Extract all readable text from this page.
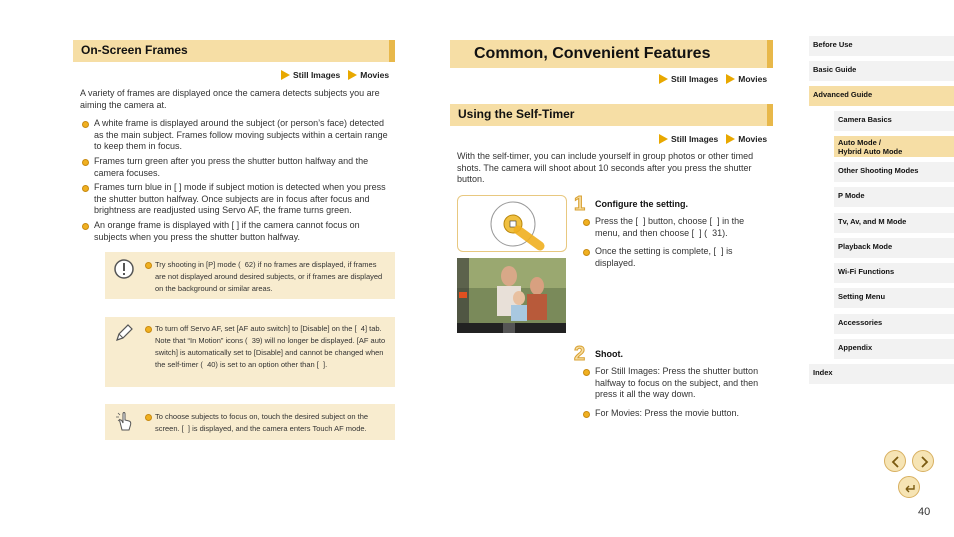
On-Screen Frames
Still Images Movies
A variety of frames are displayed once the camera detects subjects you are aiming the camera at.
A white frame is displayed around the subject (or person’s face) detected as the main subject. Frames follow moving subjects within a certain range to keep them in focus.
Frames turn green after you press the shutter button halfway and the camera focuses.
Frames turn blue in [ ] mode if subject motion is detected when you press the shutter button halfway. Once subjects are in focus after focus and brightness are readjusted using Servo AF, the frame turns green.
An orange frame is displayed with [ ] if the camera cannot focus on subjects when you press the shutter button halfway.
Try shooting in [P] mode (  62) if no frames are displayed, if frames are not displayed around desired subjects, or if frames are displayed on the background or similar areas.
To turn off Servo AF, set [AF auto switch] to [Disable] on the [  4] tab. Note that “In Motion” icons (  39) will no longer be displayed. [AF auto switch] is automatically set to [Disable] and cannot be changed when the self-timer (  40) is set to an option other than [  ].
To choose subjects to focus on, touch the desired subject on the screen. [  ] is displayed, and the camera enters Touch AF mode.
Common, Convenient Features
Still Images Movies
Using the Self-Timer
Still Images Movies
With the self-timer, you can include yourself in group photos or other timed shots. The camera will shoot about 10 seconds after you press the shutter button.
1 Configure the setting.
Press the [  ] button, choose [  ] in the menu, and then choose [  ] (  31).
Once the setting is complete, [  ] is displayed.
2 Shoot.
For Still Images: Press the shutter button halfway to focus on the subject, and then press it all the way down.
For Movies: Press the movie button.
Before Use
Basic Guide
Advanced Guide
Camera Basics
Auto Mode /
Hybrid Auto Mode
Other Shooting Modes
P Mode
Tv, Av, and M Mode
Playback Mode
Wi-Fi Functions
Setting Menu
Accessories
Appendix
Index
40
